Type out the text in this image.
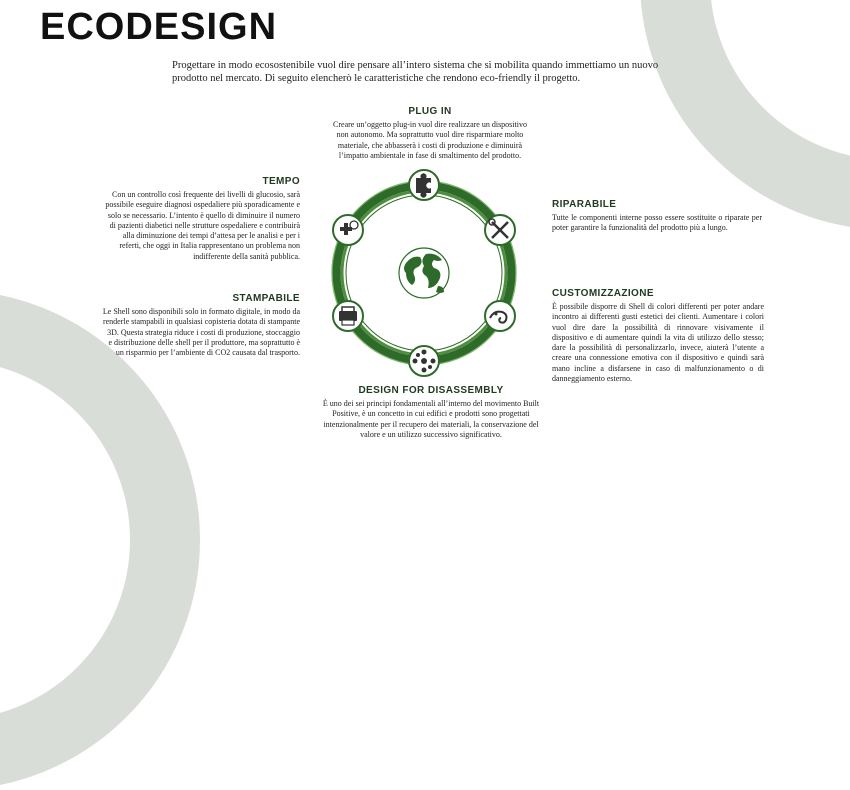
ECODESIGN
Progettare in modo ecosostenibile vuol dire pensare all’intero sistema che si mobilita quando immettiamo un nuovo prodotto nel mercato. Di seguito elencherò le caratteristiche che rendono eco-friendly il progetto.
PLUG IN

Creare un’oggetto plug-in vuol dire realizzare un dispositivo non autonomo. Ma soprattutto vuol dire risparmiare molto materiale, che abbasserà i costi di produzione e diminuirà l’impatto ambientale in fase di smaltimento del prodotto.

TEMPO

Con un controllo così frequente dei livelli di glucosio, sarà possibile eseguire diagnosi ospedaliere più sporadicamente e solo se necessario. L’intento è quello di diminuire il numero di pazienti diabetici nelle strutture ospedaliere e contribuirà alla diminuzione dei tempi d’attesa per le analisi e per i referti, che oggi in Italia rappresentano un problema non indifferente della sanità pubblica.

STAMPABILE

Le Shell sono disponibili solo in formato digitale, in modo da renderle stampabili in qualsiasi copisteria dotata di stampante 3D. Questa strategia riduce i costi di produzione, stoccaggio e distribuzione delle shell per il produttore, ma soprattutto è un risparmio per l’ambiente di CO2 causata dal trasporto.

DESIGN FOR DISASSEMBLY

È uno dei sei principi fondamentali all’interno del movimento Built Positive, è un concetto in cui edifici e prodotti sono progettati intenzionalmente per il recupero dei materiali, la conservazione del valore e un utilizzo successivo significativo.

RIPARABILE

Tutte le componenti interne posso essere sostituite o riparate per poter garantire la funzionalità del prodotto più a lungo.

CUSTOMIZZAZIONE

È possibile disporre di Shell di colori differenti per poter andare incontro ai differenti gusti estetici dei clienti. Aumentare i colori vuol dire dare la possibilità di rinnovare visivamente il dispositivo e di aumentare quindi la vita di utilizzo dello stesso; dare la possibilità di personalizzarlo, invece, aiuterà l’utente a creare una connessione emotiva con il dispositivo e quindi sarà mano incline a disfarsene in caso di malfunzionamento o di danneggiamento esterno.
